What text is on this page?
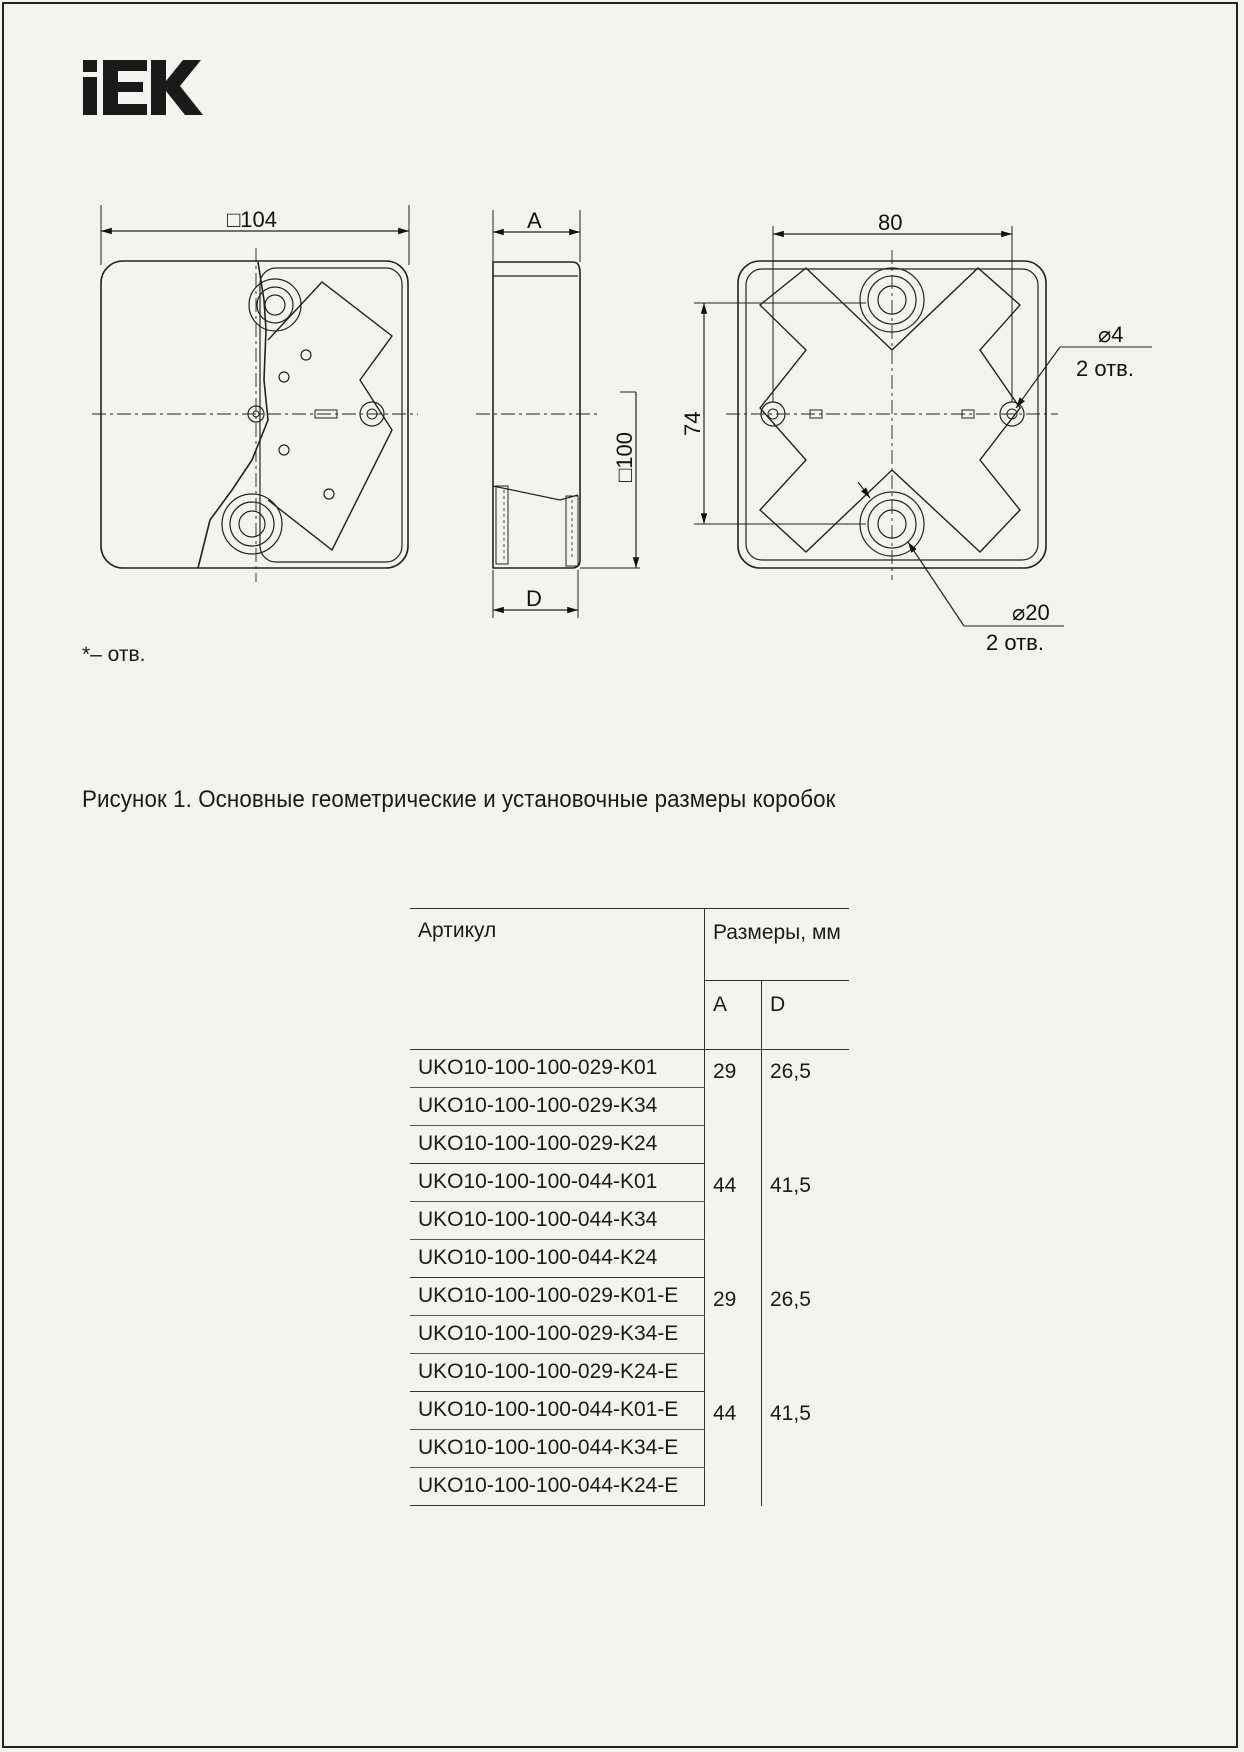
IEK
□104	A
□100
D
80
74
⌀4
2 отв.
⌀20
2 отв.
*– отв.
Рисунок 1. Основные геометрические и установочные размеры коробок
Артикул	Размеры, мм	
	A	D
UKO10-100-100-029-K01	29	26,5
UKO10-100-100-029-K34		
UKO10-100-100-029-K24		
UKO10-100-100-044-K01	44	41,5
UKO10-100-100-044-K34		
UKO10-100-100-044-K24		
UKO10-100-100-029-K01-E	29	26,5
UKO10-100-100-029-K34-E		
UKO10-100-100-029-K24-E		
UKO10-100-100-044-K01-E	44	41,5
UKO10-100-100-044-K34-E		
UKO10-100-100-044-K24-E		
